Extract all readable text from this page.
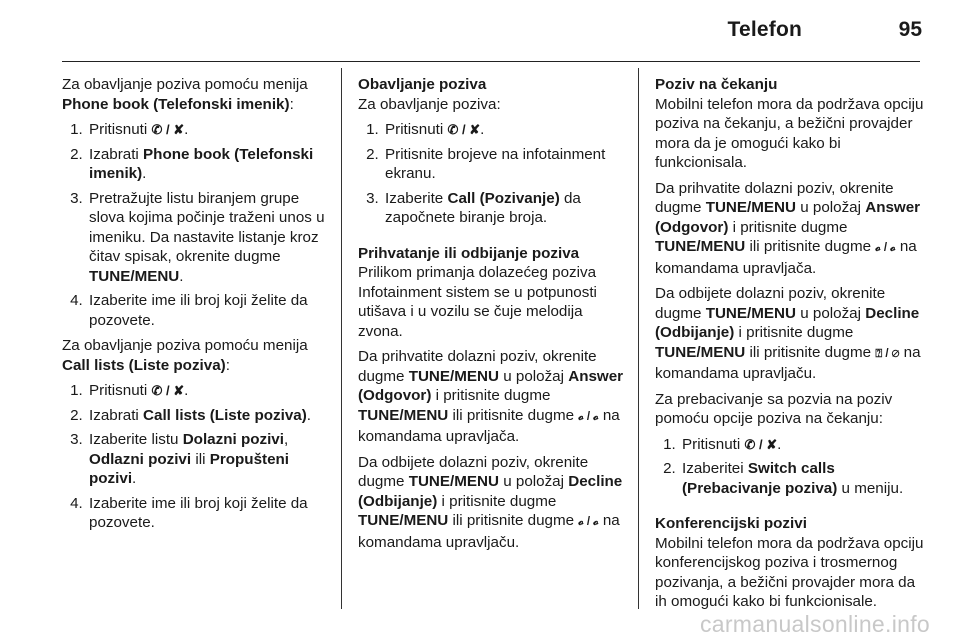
Telefon	95

Za obavljanje poziva pomoću menija Phone book (Telefonski imenik):

1. Pritisnuti ✆ / ✘.
2. Izabrati Phone book (Telefonski imenik).
3. Pretražujte listu biranjem grupe slova kojima počinje traženi unos u imeniku. Da nastavite listanje kroz čitav spisak, okrenite dugme TUNE/MENU.
4. Izaberite ime ili broj koji želite da pozovete.

Za obavljanje poziva pomoću menija Call lists (Liste poziva):

1. Pritisnuti ✆ / ✘.
2. Izabrati Call lists (Liste poziva).
3. Izaberite listu Dolazni pozivi, Odlazni pozivi ili Propušteni pozivi.
4. Izaberite ime ili broj koji želite da pozovete.
Obavljanje poziva

Za obavljanje poziva:

1. Pritisnuti ✆ / ✘.
2. Pritisnite brojeve na infotainment ekranu.
3. Izaberite Call (Pozivanje) da započnete biranje broja.
Prihvatanje ili odbijanje poziva

Prilikom primanja dolazećeg poziva Infotainment sistem se u potpunosti utišava i u vozilu se čuje melodija zvona.

Da prihvatite dolazni poziv, okrenite dugme TUNE/MENU u položaj Answer (Odgovor) i pritisnite dugme TUNE/MENU ili pritisnite dugme 𝓸 / 𝓸 na komandama upravljača.

Da odbijete dolazni poziv, okrenite dugme TUNE/MENU u položaj Decline (Odbijanje) i pritisnite dugme TUNE/MENU ili pritisnite dugme 𝓸 / 𝓸 na komandama upravljaču.

Poziv na čekanju

Mobilni telefon mora da podržava opciju poziva na čekanju, a bežični provajder mora da je omogući kako bi funkcionisala.

Da prihvatite dolazni poziv, okrenite dugme TUNE/MENU u položaj Answer (Odgovor) i pritisnite dugme TUNE/MENU ili pritisnite dugme 𝓸 / 𝓸 na komandama upravljača.

Da odbijete dolazni poziv, okrenite dugme TUNE/MENU u položaj Decline (Odbijanje) i pritisnite dugme TUNE/MENU ili pritisnite dugme ⍰ / ⌀ na komandama upravljaču.

Za prebacivanje sa pozvia na poziv pomoću opcije poziva na čekanju:

1. Pritisnuti ✆ / ✘.
2. Izaberitei Switch calls (Prebacivanje poziva) u meniju.
Konferencijski pozivi

Mobilni telefon mora da podržava opciju konferencijskog poziva i trosmernog pozivanja, a bežični provajder mora da ih omogući kako bi funkcionisale.

carmanualsonline.info
